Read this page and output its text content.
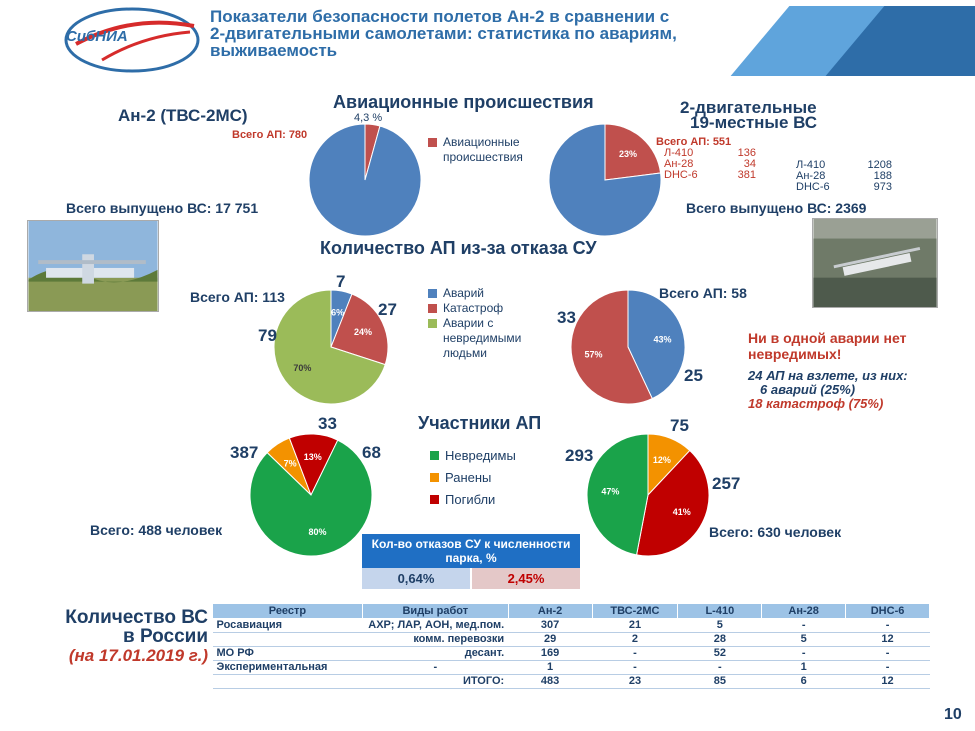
СибНИА
Показатели безопасности полетов Ан-2 в сравнении с 2-двигательными самолетами: статистика по авариям, выживаемость
Ан-2 (ТВС-2МС)
Авиационные происшествия	2-двигательные
19-местные ВС
Всего АП: 780
4,3 %
Авиационные происшествия	23%
Всего АП: 551
Л-410	136
Ан-28	34
DHC-6	381
Л-410	1208
Ан-28	188
DHC-6	973
Всего выпущено ВС: 17 751	Всего выпущено ВС: 2369
Количество АП из-за отказа СУ
Всего АП: 113
6%
24%
70%
7
27
79
Аварий
Катастроф
Аварии с невредимыми людьми
Всего АП: 58
43%
57%
33
25
Ни в одной аварии нет невредимых!
24 АП на взлете, из них:
6 аварий (25%)
18 катастроф (75%)
Участники АП
7%
13%
80%
387
33
68
Всего: 488 человек
Невредимы
Ранены
Погибли
12%
41%
47%
293
75
257
Всего: 630 человек
Кол-во отказов СУ к численности парка, %
0,64%	2,45%
Количество ВС
в России
(на 17.01.2019 г.)
Реестр	Виды работ	Ан-2	ТВС-2МС	L-410	Ан-28	DHC-6
Росавиация	АХР; ЛАР, АОН, мед.пом.	307	21	5	-	-
	комм. перевозки	29	2	28	5	12
МО РФ	десант.	169	-	52	-	-
Экспериментальная	-	1	-	-	1	-
	ИТОГО:	483	23	85	6	12
10
